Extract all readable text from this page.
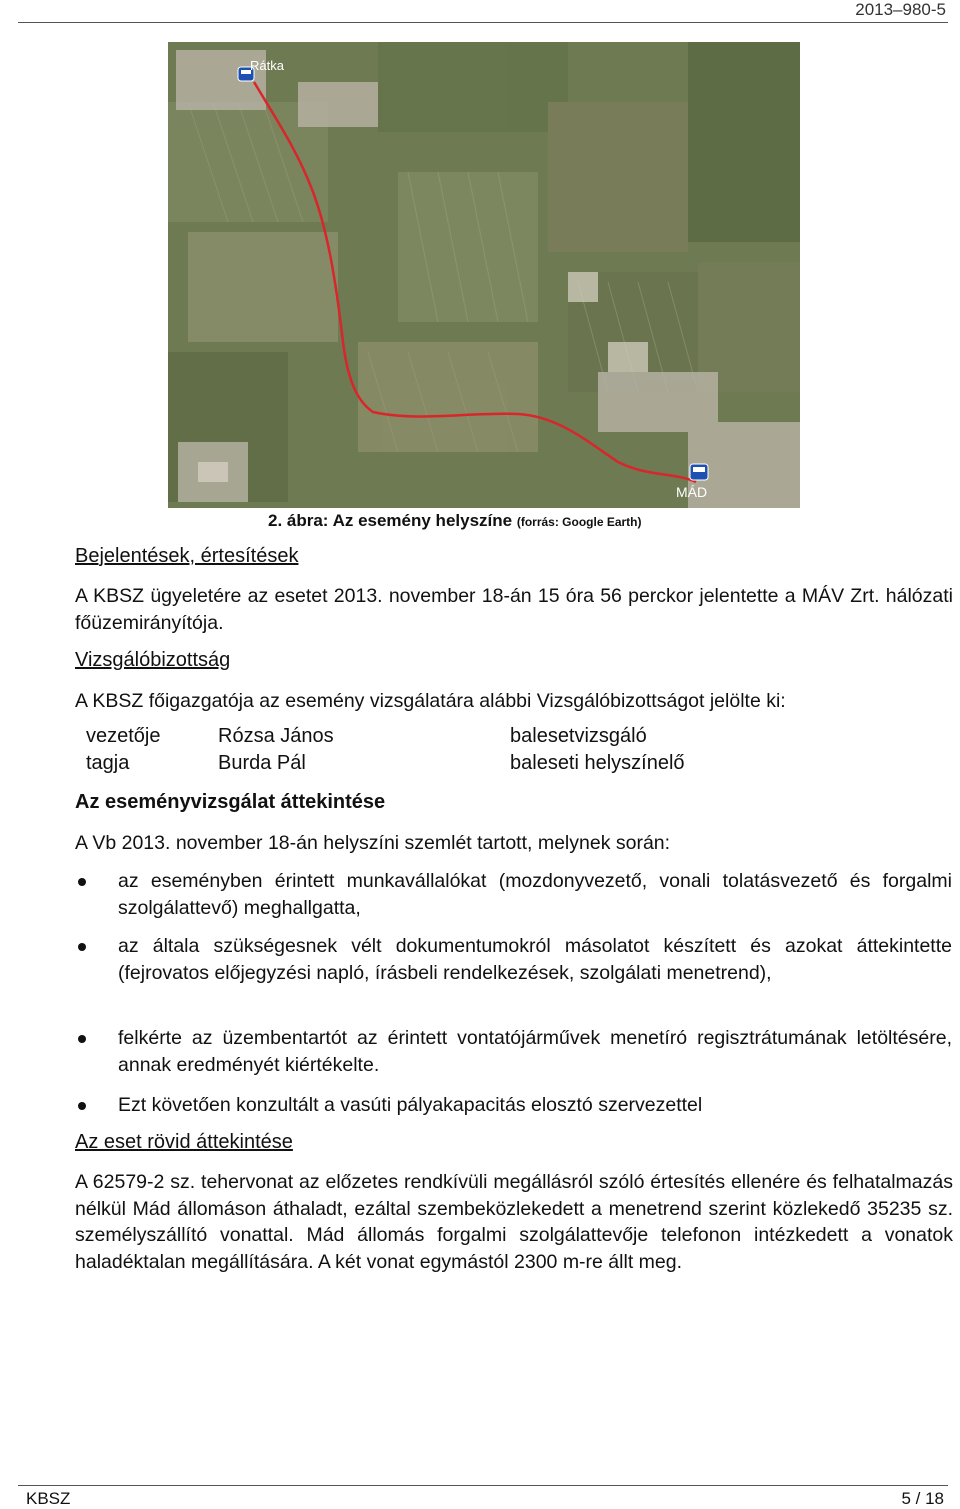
2013–980-5
Rátka
MÁD
2. ábra: Az esemény helyszíne (forrás: Google Earth)
Bejelentések, értesítések
A KBSZ ügyeletére az esetet 2013. november 18-án 15 óra 56 perckor jelentette a MÁV Zrt. hálózati főüzemirányítója.
Vizsgálóbizottság
A KBSZ főigazgatója az esemény vizsgálatára alábbi Vizsgálóbizottságot jelölte ki:
vezetője	Rózsa János	balesetvizsgáló
tagja	Burda Pál	baleseti helyszínelő
Az eseményvizsgálat áttekintése
A Vb 2013. november 18-án helyszíni szemlét tartott, melynek során:
az eseményben érintett munkavállalókat (mozdonyvezető, vonali tolatásvezető és forgalmi szolgálattevő) meghallgatta,
az általa szükségesnek vélt dokumentumokról másolatot készített és azokat áttekintette (fejrovatos előjegyzési napló, írásbeli rendelkezések, szolgálati menetrend),
felkérte az üzembentartót az érintett vontatójárművek menetíró regisztrátumának letöltésére, annak eredményét kiértékelte.
Ezt követően konzultált a vasúti pályakapacitás elosztó szervezettel
Az eset rövid áttekintése
A 62579-2 sz. tehervonat az előzetes rendkívüli megállásról szóló értesítés ellenére és felhatalmazás nélkül Mád állomáson áthaladt, ezáltal szembeközlekedett a menetrend szerint közlekedő 35235 sz. személyszállító vonattal. Mád állomás forgalmi szolgálattevője telefonon intézkedett a vonatok haladéktalan megállítására. A két vonat egymástól 2300 m-re állt meg.
KBSZ	5 / 18
